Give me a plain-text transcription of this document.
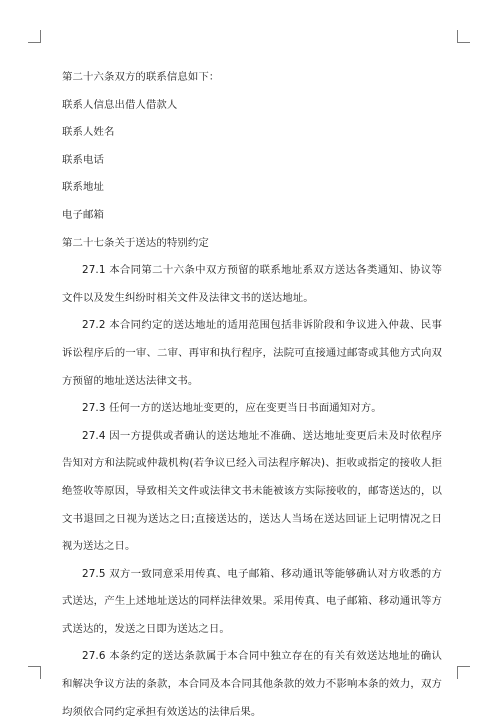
第二十六条双方的联系信息如下：

联系人信息出借人借款人

联系人姓名

联系电话

联系地址

电子邮箱

第二十七条关于送达的特别约定

27.1 本合同第二十六条中双方预留的联系地址系双方送达各类通知、协议等文件以及发生纠纷时相关文件及法律文书的送达地址。

27.2 本合同约定的送达地址的适用范围包括非诉阶段和争议进入仲裁、民事诉讼程序后的一审、二审、再审和执行程序，法院可直接通过邮寄或其他方式向双方预留的地址送达法律文书。

27.3 任何一方的送达地址变更的，应在变更当日书面通知对方。

27.4 因一方提供或者确认的送达地址不准确、送达地址变更后未及时依程序告知对方和法院或仲裁机构(若争议已经入司法程序解决)、拒收或指定的接收人拒绝签收等原因，导致相关文件或法律文书未能被该方实际接收的，邮寄送达的，以文书退回之日视为送达之日;直接送达的，送达人当场在送达回证上记明情况之日视为送达之日。

27.5 双方一致同意采用传真、电子邮箱、移动通讯等能够确认对方收悉的方式送达，产生上述地址送达的同样法律效果。采用传真、电子邮箱、移动通讯等方式送达的，发送之日即为送达之日。

27.6 本条约定的送达条款属于本合同中独立存在的有关有效送达地址的确认和解决争议方法的条款，本合同及本合同其他条款的效力不影响本条的效力，双方均须依合同约定承担有效送达的法律后果。
